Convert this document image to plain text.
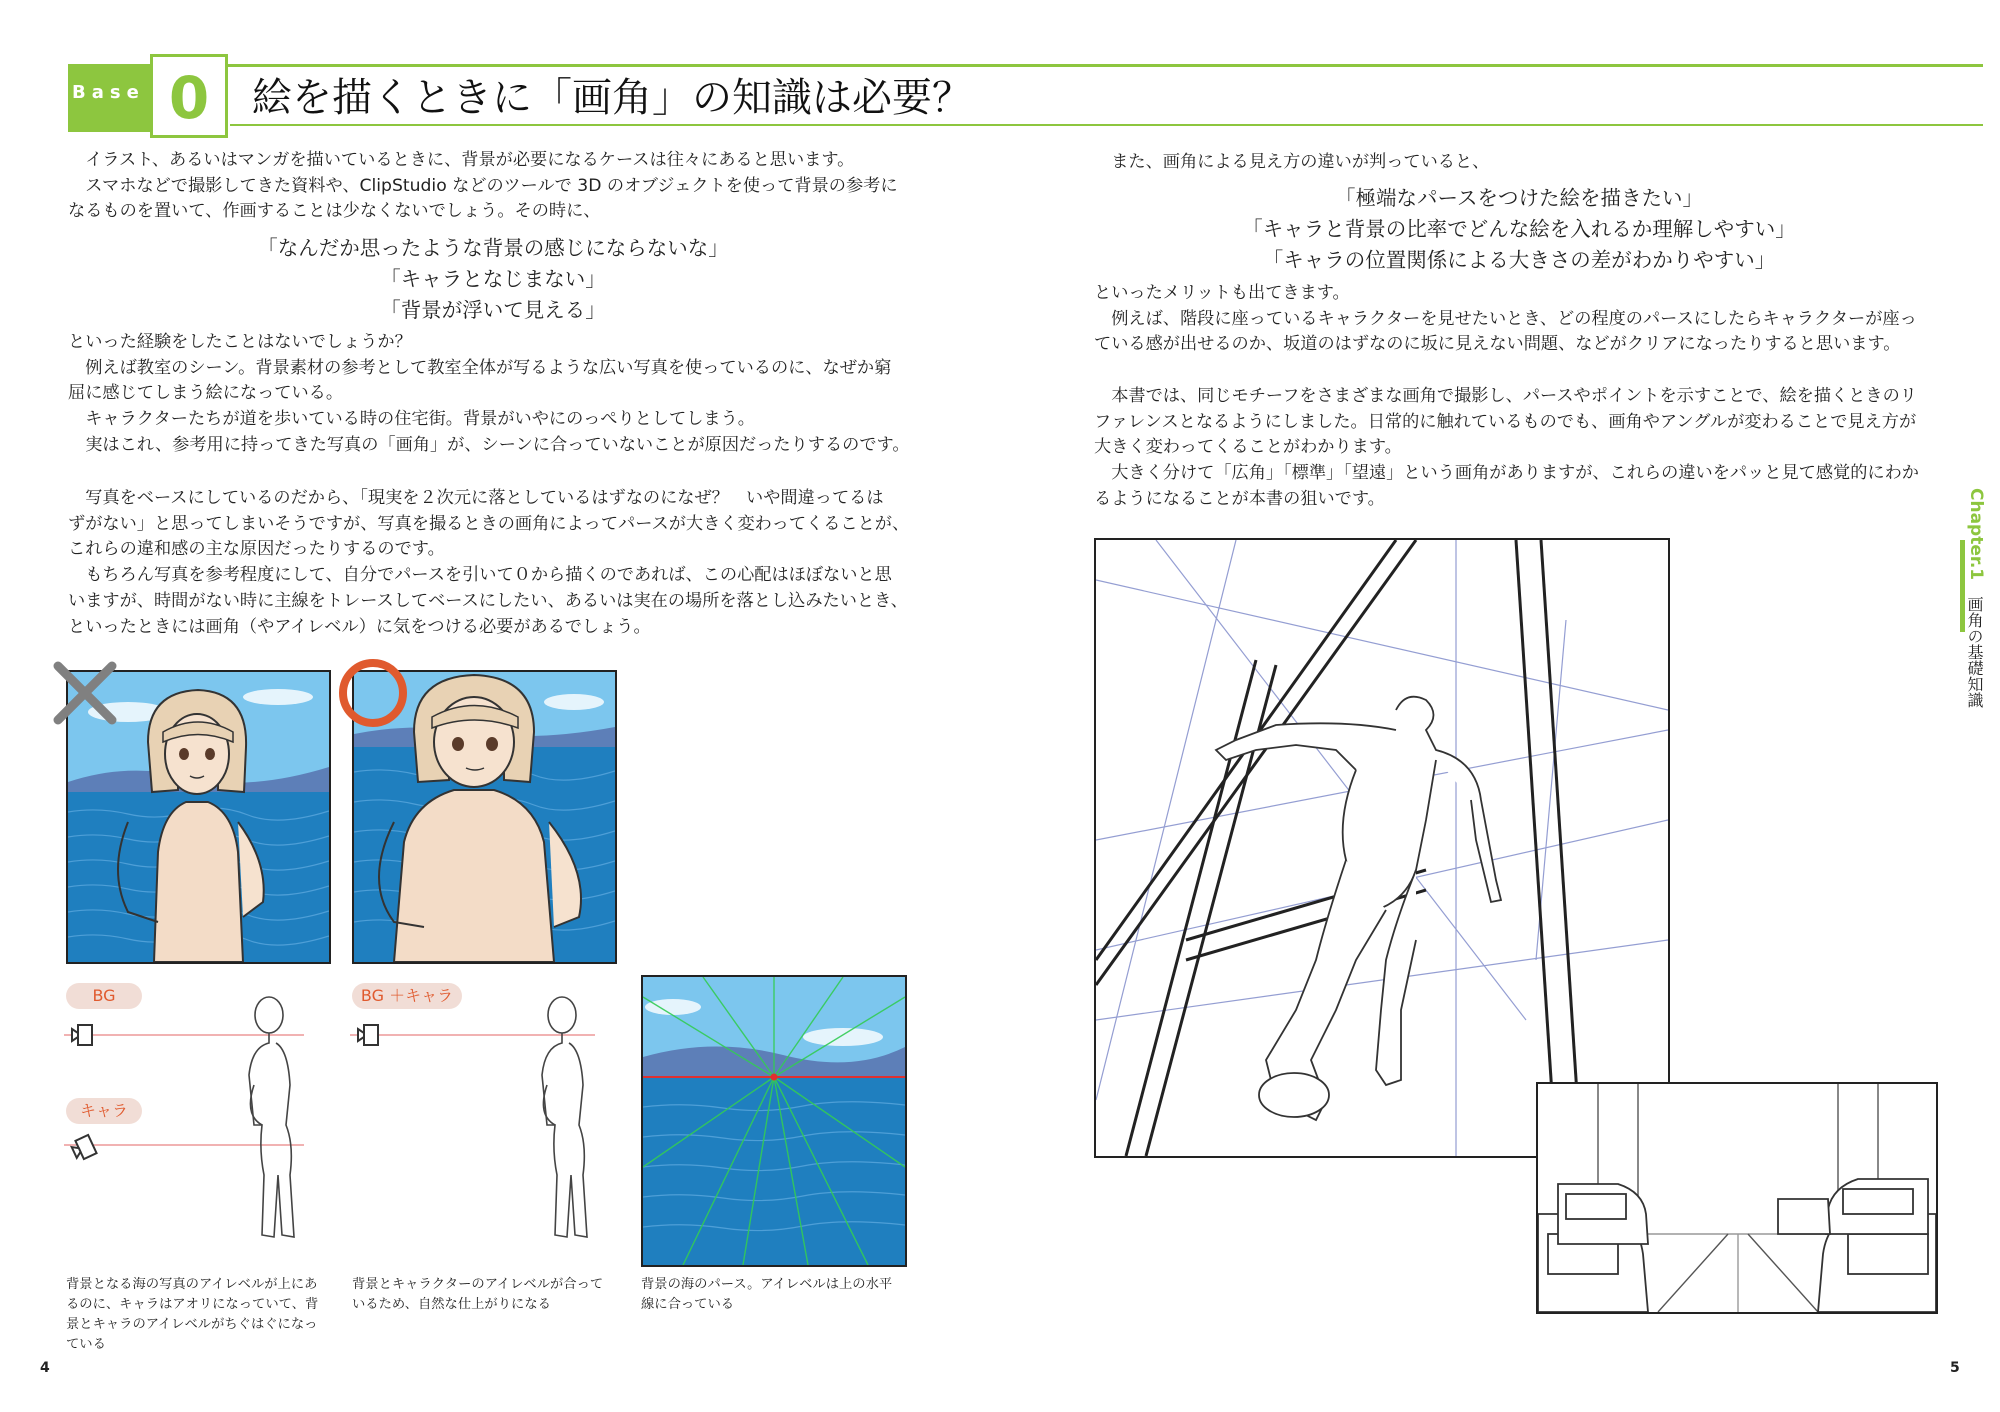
Base 0	絵を描くときに「画角」の知識は必要？
　イラスト、あるいはマンガを描いているときに、背景が必要になるケースは往々にあると思います。
　スマホなどで撮影してきた資料や、ClipStudio などのツールで 3D のオブジェクトを使って背景の参考に
なるものを置いて、作画することは少なくないでしょう。その時に、
「なんだか思ったような背景の感じにならないな」
「キャラとなじまない」
「背景が浮いて見える」
といった経験をしたことはないでしょうか？
　例えば教室のシーン。背景素材の参考として教室全体が写るような広い写真を使っているのに、なぜか窮
屈に感じてしまう絵になっている。
　キャラクターたちが道を歩いている時の住宅街。背景がいやにのっぺりとしてしまう。
　実はこれ、参考用に持ってきた写真の「画角」が、シーンに合っていないことが原因だったりするのです。
　写真をベースにしているのだから、「現実を２次元に落としているはずなのになぜ？　いや間違ってるは
ずがない」と思ってしまいそうですが、写真を撮るときの画角によってパースが大きく変わってくることが、
これらの違和感の主な原因だったりするのです。
　もちろん写真を参考程度にして、自分でパースを引いて０から描くのであれば、この心配はほぼないと思
いますが、時間がない時に主線をトレースしてベースにしたい、あるいは実在の場所を落とし込みたいとき、
といったときには画角（やアイレベル）に気をつける必要があるでしょう。
BG
キャラ
BG ＋キャラ
背景となる海の写真のアイレベルが上にあ
るのに、キャラはアオリになっていて、背
景とキャラのアイレベルがちぐはぐになっ
ている
背景とキャラクターのアイレベルが合って
いるため、自然な仕上がりになる
背景の海のパース。アイレベルは上の水平
線に合っている
4
　また、画角による見え方の違いが判っていると、
「極端なパースをつけた絵を描きたい」
「キャラと背景の比率でどんな絵を入れるか理解しやすい」
「キャラの位置関係による大きさの差がわかりやすい」
といったメリットも出てきます。
　例えば、階段に座っているキャラクターを見せたいとき、どの程度のパースにしたらキャラクターが座っ
ている感が出せるのか、坂道のはずなのに坂に見えない問題、などがクリアになったりすると思います。
　本書では、同じモチーフをさまざまな画角で撮影し、パースやポイントを示すことで、絵を描くときのリ
ファレンスとなるようにしました。日常的に触れているものでも、画角やアングルが変わることで見え方が
大きく変わってくることがわかります。
　大きく分けて「広角」「標準」「望遠」という画角がありますが、これらの違いをパッと見て感覚的にわか
るようになることが本書の狙いです。
5
Chapter.1
画角の基礎知識
